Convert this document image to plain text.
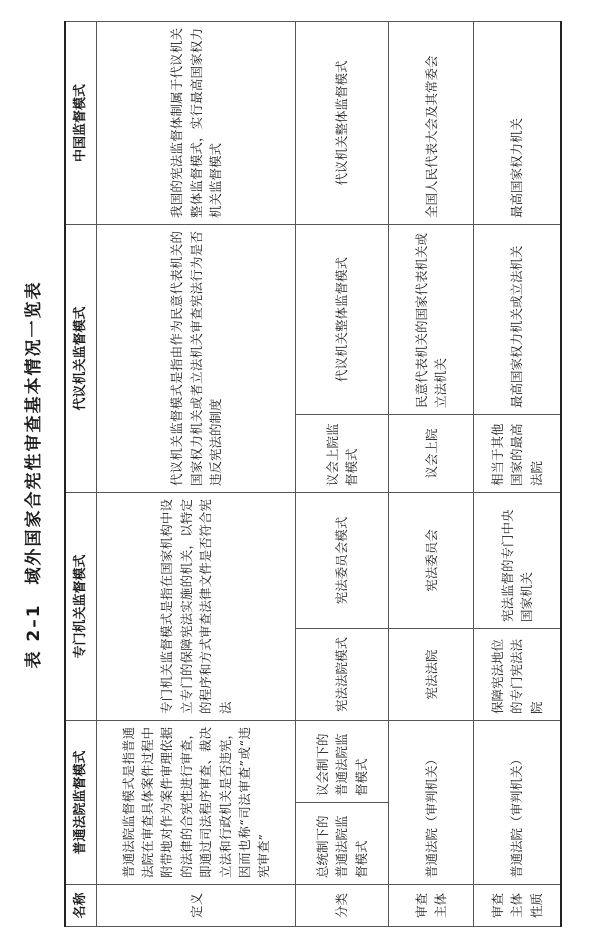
表 2–1　域外国家合宪性审查基本情况一览表
名称	普通法院监督模式		专门机关监督模式		代议机关监督模式		中国监督模式
定义	普通法院监督模式是指普通法院在审查具体案件过程中附带地对作为案件审理依据的法律的合宪性进行审查，即通过司法程序审查、裁决立法和行政机关是否违宪，因而也称“司法审查”或“违宪审查”		专门机关监督模式是指在国家机构中设立专门的保障宪法实施的机关，以特定的程序和方式审查法律文件是否符合宪法		代议机关监督模式是指由作为民意代表机关的国家权力机关或者立法机关审查宪法行为是否违反宪法的制度		我国的宪法监督体制属于代议机关整体监督模式，实行最高国家权力机关监督模式
分类	总统制下的普通法院监督模式	议会制下的普通法院监督模式	宪法法院模式	宪法委员会模式	议会上院监督模式	代议机关整体监督模式	代议机关整体监督模式
审查主体	普通法院（审判机关）		宪法法院	宪法委员会	议会上院	民意代表机关的国家代表机关或立法机关	全国人民代表大会及其常委会
审查主体性质	普通法院（审判机关）		保障宪法地位的专门宪法法院	宪法监督的专门中央国家机关	相当于其他国家的最高法院	最高国家权力机关或立法机关	最高国家权力机关
